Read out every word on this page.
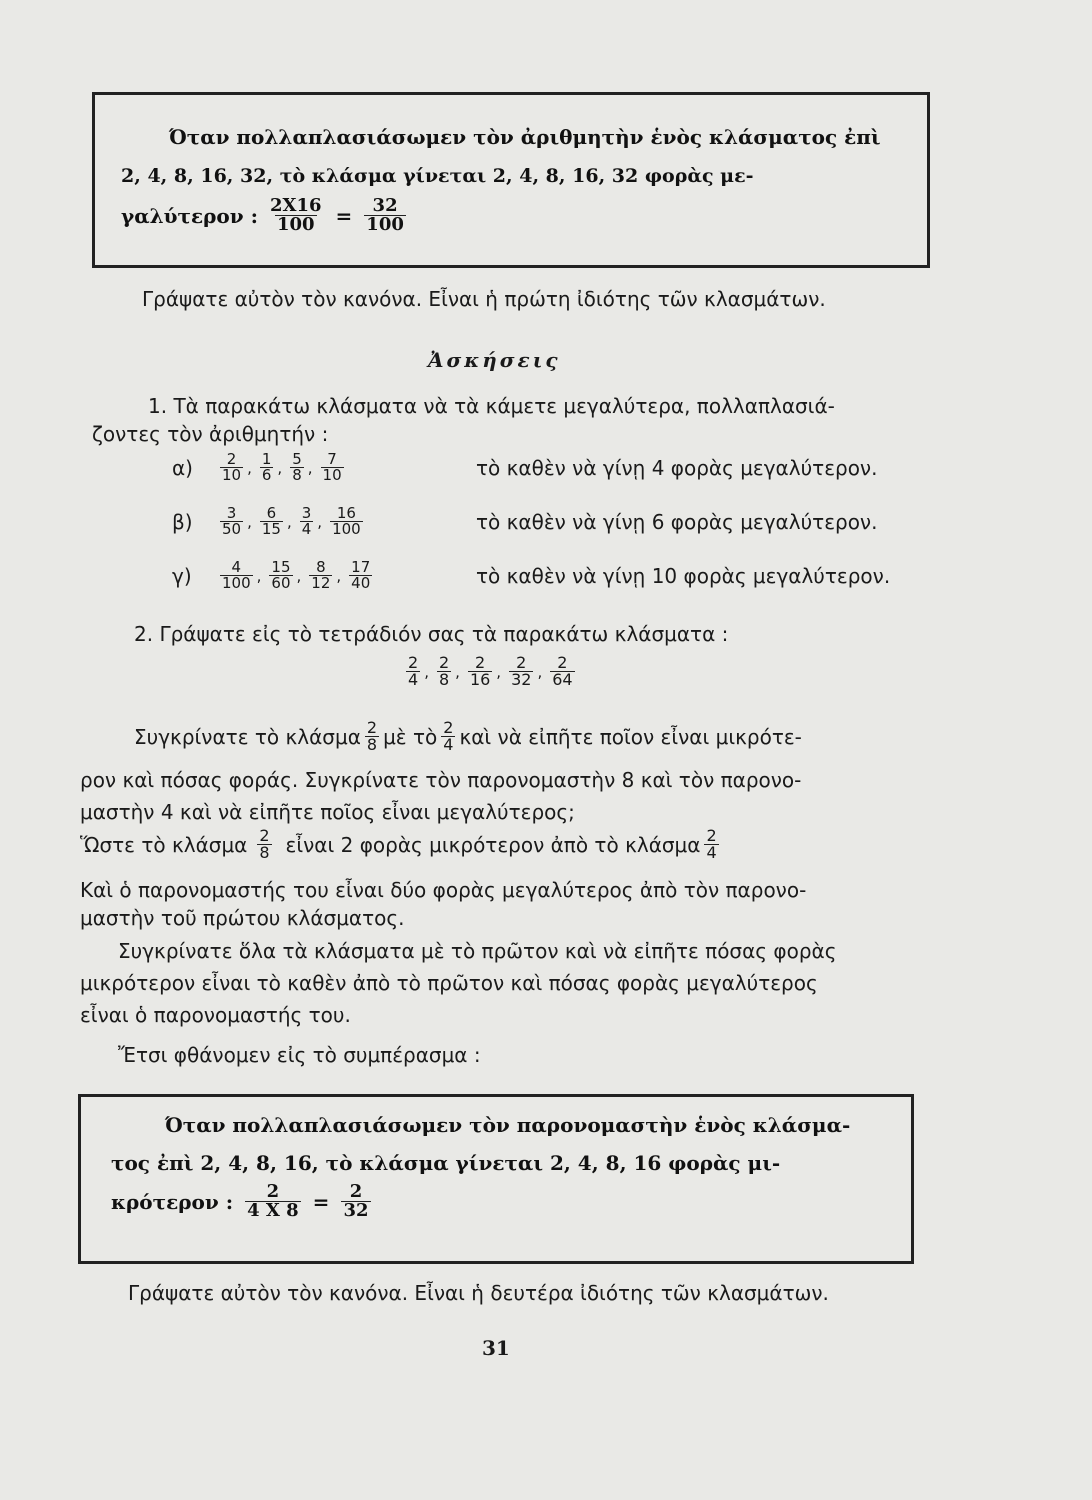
Όταν πολλαπλασιάσωμεν τὸν ἀριθμητὴν ἑνὸς κλάσματος ἐπὶ
2, 4, 8, 16, 32, τὸ κλάσμα γίνεται 2, 4, 8, 16, 32 φορὰς με-
γαλύτερον : $\frac{2X16}{100} = \frac{32}{100}$
Γράψατε αὐτὸν τὸν κανόνα. Εἶναι ἡ πρώτη ἰδιότης τῶν κλασμάτων.
Ἀσκήσεις
1. Τὰ παρακάτω κλάσματα νὰ τὰ κάμετε μεγαλύτερα, πολλαπλασιά-
ζοντες τὸν ἀριθμητήν :
α)	$\frac{2}{10}$ , $\frac{1}{6}$ , $\frac{5}{8}$ , $\frac{7}{10}$	τὸ καθὲν νὰ γίνῃ 4 φορὰς μεγαλύτερον.
β)	$\frac{3}{50}$ , $\frac{6}{15}$ , $\frac{3}{4}$ , $\frac{16}{100}$	τὸ καθὲν νὰ γίνῃ 6 φορὰς μεγαλύτερον.
γ)	$\frac{4}{100}$ , $\frac{15}{60}$ , $\frac{8}{12}$ , $\frac{17}{40}$	τὸ καθὲν νὰ γίνῃ 10 φορὰς μεγαλύτερον.
2. Γράψατε εἰς τὸ τετράδιόν σας τὰ παρακάτω κλάσματα :
$\frac{2}{4}$ , $\frac{2}{8}$ , $\frac{2}{16}$ , $\frac{2}{32}$ , $\frac{2}{64}$
Συγκρίνατε τὸ κλάσμα $\frac{2}{8}$ μὲ τὸ $\frac{2}{4}$ καὶ νὰ εἰπῆτε ποῖον εἶναι μικρότε-
ρον καὶ πόσας φοράς. Συγκρίνατε τὸν παρονομαστὴν 8 καὶ τὸν παρονο-
μαστὴν 4 καὶ νὰ εἰπῆτε ποῖος εἶναι μεγαλύτερος;
Ὥστε τὸ κλάσμα $\frac{2}{8}$ εἶναι 2 φορὰς μικρότερον ἀπὸ τὸ κλάσμα $\frac{2}{4}$
Καὶ ὁ παρονομαστής του εἶναι δύο φορὰς μεγαλύτερος ἀπὸ τὸν παρονο-
μαστὴν τοῦ πρώτου κλάσματος.
Συγκρίνατε ὅλα τὰ κλάσματα μὲ τὸ πρῶτον καὶ νὰ εἰπῆτε πόσας φορὰς
μικρότερον εἶναι τὸ καθὲν ἀπὸ τὸ πρῶτον καὶ πόσας φορὰς μεγαλύτερος
εἶναι ὁ παρονομαστής του.
Ἔτσι φθάνομεν εἰς τὸ συμπέρασμα :
Όταν πολλαπλασιάσωμεν τὸν παρονομαστὴν ἑνὸς κλάσμα-
τος ἐπὶ 2, 4, 8, 16, τὸ κλάσμα γίνεται 2, 4, 8, 16 φορὰς μι-
κρότερον : $\frac{2}{4 X 8} = \frac{2}{32}$
Γράψατε αὐτὸν τὸν κανόνα. Εἶναι ἡ δευτέρα ἰδιότης τῶν κλασμάτων.
31
